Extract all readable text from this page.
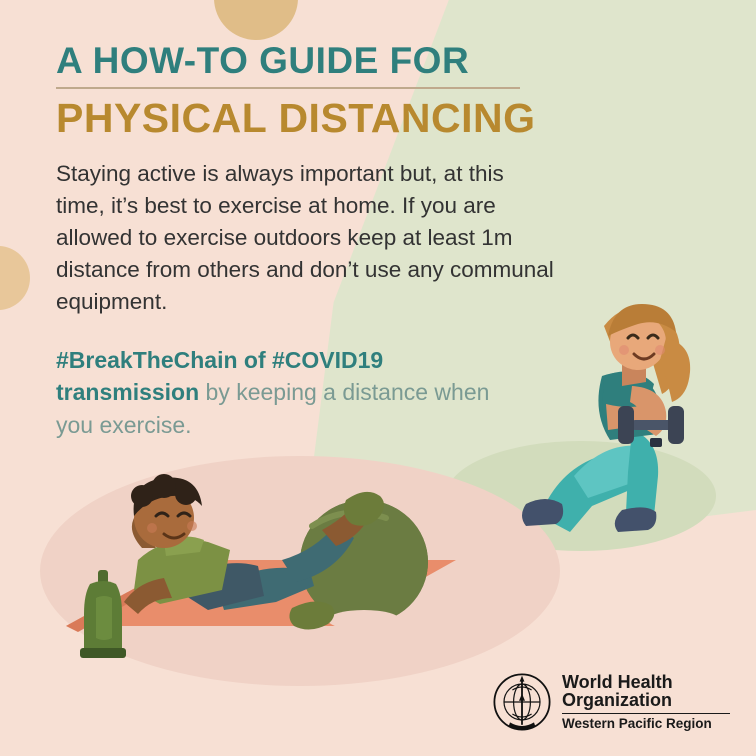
A HOW-TO GUIDE FOR
PHYSICAL DISTANCING

Staying active is always important but, at this time, it’s best to exercise at home. If you are allowed to exercise outdoors keep at least 1m distance from others and don’t use any communal equipment.

#BreakTheChain of #COVID19 transmission by keeping a distance when you exercise.

World Health
Organization
Western Pacific Region
